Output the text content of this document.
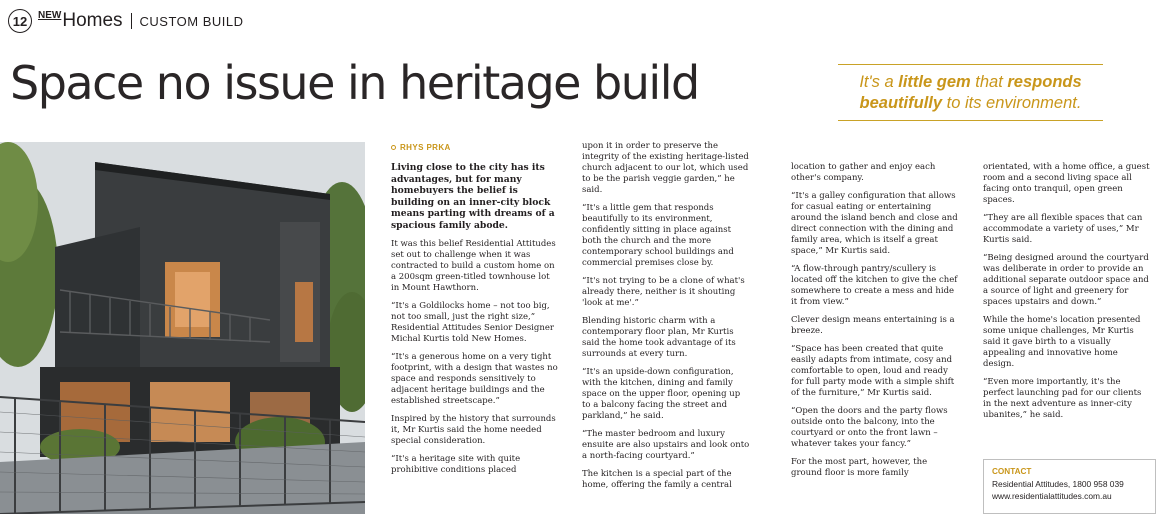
12	NEW Homes CUSTOM BUILD
Space no issue in heritage build	It's a little gem that responds
beautifully to its environment.
RHYS PRKA

Living close to the city has its advantages, but for many homebuyers the belief is building on an inner-city block means parting with dreams of a spacious family abode.

It was this belief Residential Attitudes set out to challenge when it was contracted to build a custom home on a 200sqm green-titled townhouse lot in Mount Hawthorn.

“It's a Goldilocks home – not too big, not too small, just the right size,” Residential Attitudes Senior Designer Michal Kurtis told New Homes.

“It's a generous home on a very tight footprint, with a design that wastes no space and responds sensitively to adjacent heritage buildings and the established streetscape.”

Inspired by the history that surrounds it, Mr Kurtis said the home needed special consideration.

“It's a heritage site with quite prohibitive conditions placed

upon it in order to preserve the integrity of the existing heritage-listed church adjacent to our lot, which used to be the parish veggie garden,” he said.

“It's a little gem that responds beautifully to its environment, confidently sitting in place against both the church and the more contemporary school buildings and commercial premises close by.

“It's not trying to be a clone of what's already there, neither is it shouting 'look at me'.”

Blending historic charm with a contemporary floor plan, Mr Kurtis said the home took advantage of its surrounds at every turn.

“It's an upside-down configuration, with the kitchen, dining and family space on the upper floor, opening up to a balcony facing the street and parkland,” he said.

“The master bedroom and luxury ensuite are also upstairs and look onto a north-facing courtyard.”

The kitchen is a special part of the home, offering the family a central

location to gather and enjoy each other's company.

“It's a galley configuration that allows for casual eating or entertaining around the island bench and close and direct connection with the dining and family area, which is itself a great space,” Mr Kurtis said.

“A flow-through pantry/scullery is located off the kitchen to give the chef somewhere to create a mess and hide it from view.”

Clever design means entertaining is a breeze.

“Space has been created that quite easily adapts from intimate, cosy and comfortable to open, loud and ready for full party mode with a simple shift of the furniture,” Mr Kurtis said.

“Open the doors and the party flows outside onto the balcony, into the courtyard or onto the front lawn – whatever takes your fancy.”

For the most part, however, the ground floor is more family

orientated, with a home office, a guest room and a second living space all facing onto tranquil, open green spaces.

“They are all flexible spaces that can accommodate a variety of uses,” Mr Kurtis said.

“Being designed around the courtyard was deliberate in order to provide an additional separate outdoor space and a source of light and greenery for spaces upstairs and down.”

While the home's location presented some unique challenges, Mr Kurtis said it gave birth to a visually appealing and innovative home design.

“Even more importantly, it's the perfect launching pad for our clients in the next adventure as inner-city ubanites,” he said.

CONTACT
Residential Attitudes, 1800 958 039
www.residentialattitudes.com.au
